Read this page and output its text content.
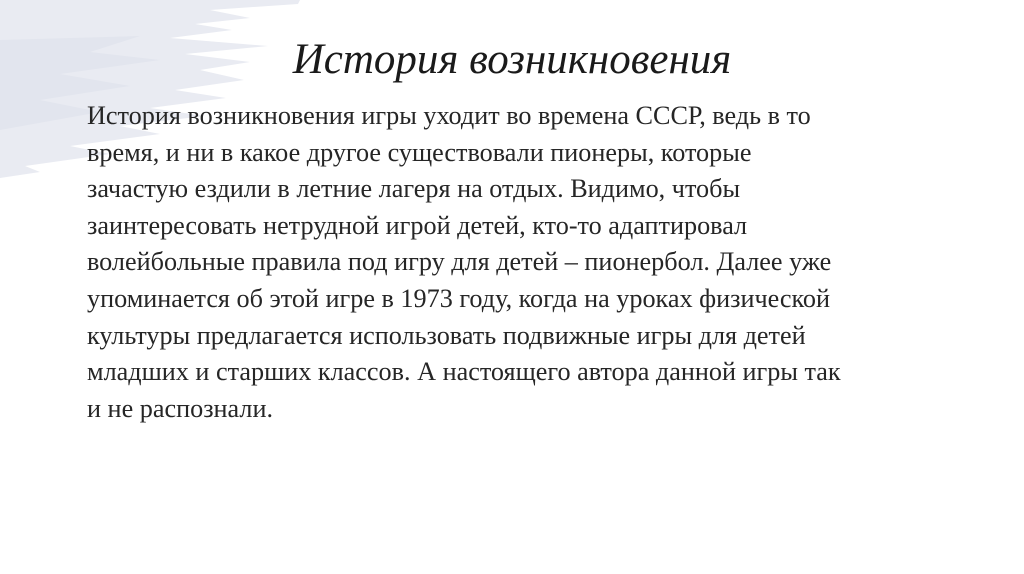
История возникновения

История возникновения игры уходит во времена СССР, ведь в то
время, и ни в какое другое существовали пионеры, которые
зачастую ездили в летние лагеря на отдых. Видимо, чтобы
заинтересовать нетрудной игрой детей, кто-то адаптировал
волейбольные правила под игру для детей – пионербол. Далее уже
упоминается об этой игре в 1973 году, когда на уроках физической
культуры предлагается использовать подвижные игры для детей
младших и старших классов. А настоящего автора данной игры так
и не распознали.
